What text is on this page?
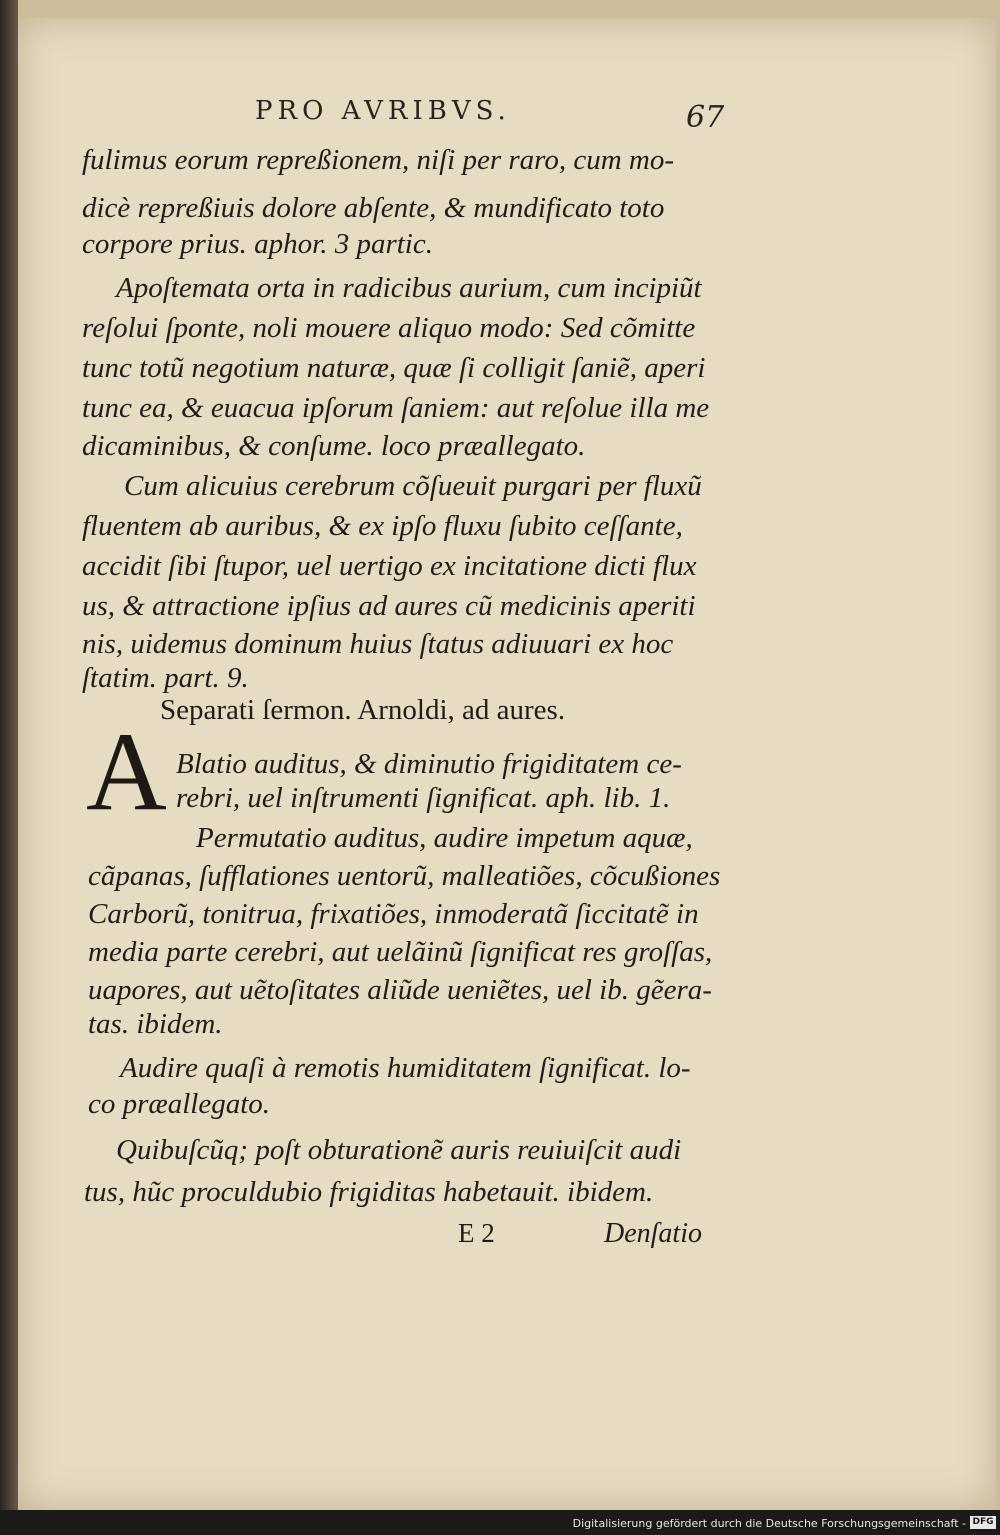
PRO AVRIBVS.	67
fulimus eorum repreßionem, niſi per raro, cum mo-
dicè repreßiuis dolore abſente, & mundificato toto
corpore prius. aphor. 3 partic.
Apoſtemata orta in radicibus aurium, cum incipiũt
reſolui ſponte, noli mouere aliquo modo: Sed cõmitte
tunc totũ negotium naturæ, quæ ſi colligit ſaniẽ, aperi
tunc ea, & euacua ipſorum ſaniem: aut reſolue illa me
dicaminibus, & conſume. loco præallegato.
Cum alicuius cerebrum cõſueuit purgari per fluxũ
fluentem ab auribus, & ex ipſo fluxu ſubito ceſſante,
accidit ſibi ſtupor, uel uertigo ex incitatione dicti flux
us, & attractione ipſius ad aures cũ medicinis aperiti
nis, uidemus dominum huius ſtatus adiuuari ex hoc
ſtatim. part. 9.
Separati ſermon. Arnoldi, ad aures.
A Blatio auditus, & diminutio frigiditatem ce-
rebri, uel inſtrumenti ſignificat. aph. lib. 1.
Permutatio auditus, audire impetum aquæ,
cãpanas, ſufflationes uentorũ, malleatiões, cõcußiones
Carborũ, tonitrua, frixatiões, inmoderatã ſiccitatẽ in
media parte cerebri, aut uelãinũ ſignificat res groſſas,
uapores, aut uẽtoſitates aliũde ueniẽtes, uel ib. gẽera-
tas. ibidem.
Audire quaſi à remotis humiditatem ſignificat. lo-
co præallegato.
Quibuſcũq; poſt obturationẽ auris reuiuiſcit audi
tus, hũc proculdubio frigiditas habetauit. ibidem.
E 2	Denſatio
Digitalisierung gefördert durch die Deutsche Forschungsgemeinschaft - DFG
